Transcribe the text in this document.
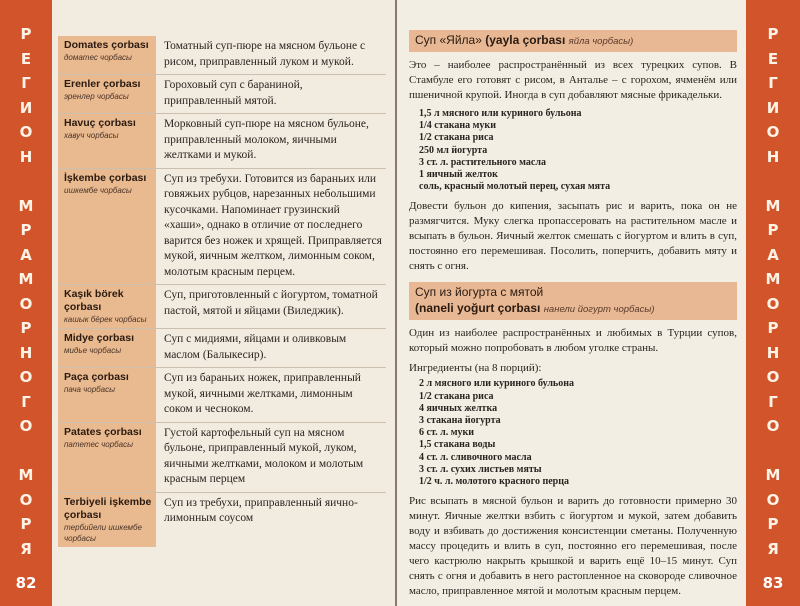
Р
Е
Г
И
О
Н

М
Р
А
М
О
Р
Н
О
Г
О

М
О
Р
Я
82
Domates çorbası
доматес чорбасы
Томатный суп-пюре на мясном бульоне с рисом, приправленный луком и мукой.
Erenler çorbası
эренлер чорбасы
Гороховый суп с бараниной, приправленный мятой.
Havuç çorbası
хавуч чорбасы
Морковный суп-пюре на мясном бульоне, приправленный молоком, яичными желтками и мукой.
İşkembe çorbası
ишкембе чорбасы
Суп из требухи. Готовится из бараньих или говяжьих рубцов, нарезанных небольшими кусочками. Напоминает грузинский «хаши», однако в отличие от последнего варится без ножек и хрящей. Приправляется мукой, яичным желтком, лимонным соком, молотым красным перцем.
Kaşık börek çorbası
кашык бёрек чорбасы
Суп, приготовленный с йогуртом, томатной пастой, мятой и яйцами (Виледжик).
Midye çorbası
мидье чорбасы
Суп с мидиями, яйцами и оливковым маслом (Балыкесир).
Paça çorbası
пача чорбасы
Суп из бараньих ножек, приправленный мукой, яичными желтками, лимонным соком и чесноком.
Patates çorbası
патетес чорбасы
Густой картофельный суп на мясном бульоне, приправленный мукой, луком, яичными желтками, молоком и молотым красным перцем
Terbiyeli işkembe çorbası
тербийели ишкембе чорбасы
Суп из требухи, приправленный яично-лимонным соусом
Суп «Яйла» (yayla çorbası яйла чорбасы)

Это – наиболее распространённый из всех турецких супов. В Стамбуле его готовят с рисом, в Анталье – с горохом, ячменём или пшеничной крупой. Иногда в суп добавляют мясные фрикадельки.

1,5 л мясного или куриного бульона
1/4 стакана муки
1/2 стакана риса
250 мл йогурта
3 ст. л. растительного масла
1 яичный желток
соль, красный молотый перец, сухая мята

Довести бульон до кипения, засыпать рис и варить, пока он не размягчится. Муку слегка пропассеровать на растительном масле и всыпать в бульон. Яичный желток смешать с йогуртом и влить в суп, постоянно его перемешивая. Посолить, поперчить, добавить мяту и снять с огня.

Суп из йогурта с мятой
(naneli yoğurt çorbası нанели йогурт чорбасы)

Один из наиболее распространённых и любимых в Турции супов, который можно попробовать в любом уголке страны.

Ингредиенты (на 8 порций):

2 л мясного или куриного бульона
1/2 стакана риса
4 яичных желтка
3 стакана йогурта
6 ст. л. муки
1,5 стакана воды
4 ст. л. сливочного масла
3 ст. л. сухих листьев мяты
1/2 ч. л. молотого красного перца

Рис всыпать в мясной бульон и варить до готовности примерно 30 минут. Яичные желтки взбить с йогуртом и мукой, затем добавить воду и взбивать до достижения консистенции сметаны. Полученную массу процедить и влить в суп, постоянно его перемешивая, после чего кастрюлю накрыть крышкой и варить ещё 10–15 минут. Суп снять с огня и добавить в него растопленное на сковороде сливочное масло, приправленное мятой и молотым красным перцем.

Р
Е
Г
И
О
Н

М
Р
А
М
О
Р
Н
О
Г
О

М
О
Р
Я
83
